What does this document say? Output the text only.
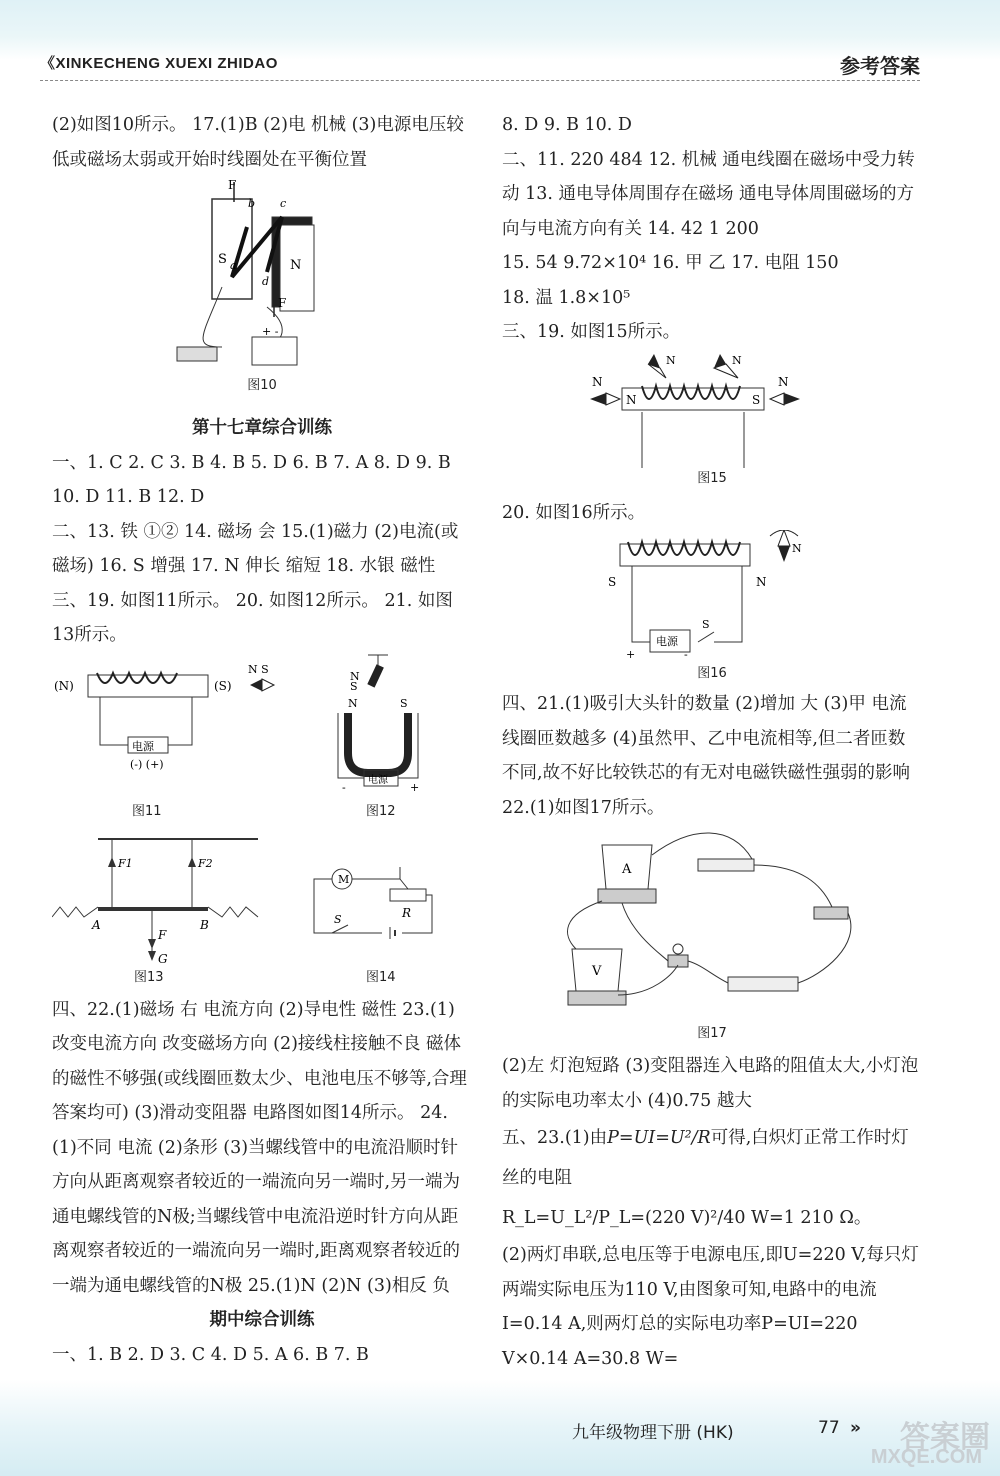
《XINKECHENG XUEXI ZHIDAO	参考答案

(2)如图10所示。 17.(1)B (2)电 机械 (3)电源电压较低或磁场太弱或开始时线圈处在平衡位置

F
b c
a
d
S	N
F
+ -
图10

第十七章综合训练

一、1. C 2. C 3. B 4. B 5. D 6. B 7. A 8. D 9. B 10. D 11. B 12. D

二、13. 铁 ①② 14. 磁场 会 15.(1)磁力 (2)电流(或磁场) 16. S 增强 17. N 伸长 缩短 18. 水银 磁性

三、19. 如图11所示。 20. 如图12所示。 21. 如图13所示。

(N)	(S)
电源
(-) (+)
N S
N
S
N	S
电源
-	+
图11	图12
F1	F2
A	B
F
G
M
S	R
图13	图14

四、22.(1)磁场 右 电流方向 (2)导电性 磁性 23.(1)改变电流方向 改变磁场方向 (2)接线柱接触不良 磁体的磁性不够强(或线圈匝数太少、电池电压不够等,合理答案均可) (3)滑动变阻器 电路图如图14所示。 24.(1)不同 电流 (2)条形 (3)当螺线管中的电流沿顺时针方向从距离观察者较近的一端流向另一端时,另一端为通电螺线管的N极;当螺线管中电流沿逆时针方向从距离观察者较近的一端流向另一端时,距离观察者较近的一端为通电螺线管的N极 25.(1)N (2)N (3)相反 负

期中综合训练

一、1. B 2. D 3. C 4. D 5. A 6. B 7. B

8. D 9. B 10. D

二、11. 220 484 12. 机械 通电线圈在磁场中受力转动 13. 通电导体周围存在磁场 通电导体周围磁场的方向与电流方向有关 14. 42 1 200

15. 54 9.72×10⁴ 16. 甲 乙 17. 电阻 150

18. 温 1.8×10⁵

三、19. 如图15所示。

N	N
N	S
N	N
图15

20. 如图16所示。

S	N
S
电源
+	-
N
图16

四、21.(1)吸引大头针的数量 (2)增加 大 (3)甲 电流 线圈匝数越多 (4)虽然甲、乙中电流相等,但二者匝数不同,故不好比较铁芯的有无对电磁铁磁性强弱的影响

22.(1)如图17所示。

A
V
图17

(2)左 灯泡短路 (3)变阻器连入电路的阻值太大,小灯泡的实际电功率太小 (4)0.75 越大

五、23.(1)由P=UI=U²/R可得,白炽灯正常工作时灯丝的电阻

R_L=U_L²/P_L=(220 V)²/40 W=1 210 Ω。

(2)两灯串联,总电压等于电源电压,即U=220 V,每只灯两端实际电压为110 V,由图象可知,电路中的电流I=0.14 A,则两灯总的实际电功率P=UI=220 V×0.14 A=30.8 W=

九年级物理下册 (HK)	77 » 答案圈
MXQE.COM
